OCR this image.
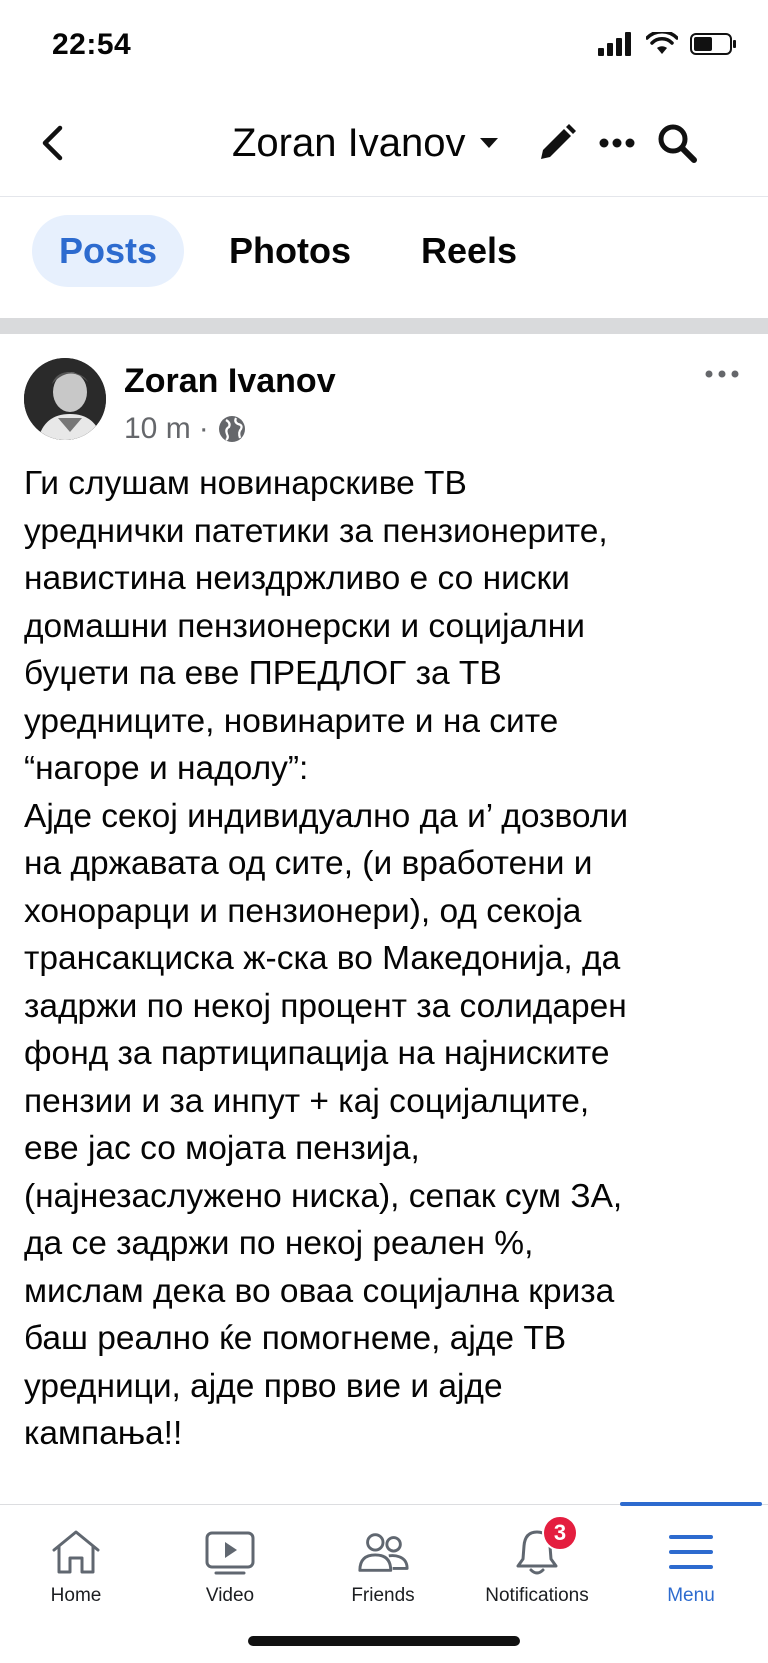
22:54
Zoran Ivanov
Posts	Photos	Reels
Zoran Ivanov
10 m ·
Ги слушам новинарскиве ТВ
уреднички патетики за пензионерите,
навистина неиздржливо е со ниски
домашни пензионерски и социјални
буџети па еве ПРЕДЛОГ за ТВ
уредниците, новинарите и на сите
“нагоре и надолу”:
Ајде секој индивидуално да и’ дозволи
на државата од сите, (и вработени и
хонорарци и пензионери), од секоја
трансакциска ж-ска во Македонија, да
задржи по некој процент за солидарен
фонд за партиципација на најниските
пензии и за инпут + кај социјалците,
еве јас со мојата пензија,
(најнезаслужено ниска), сепак сум ЗА,
да се задржи по некој реален %,
мислам дека во оваа социјална криза
баш реално ќе помогнеме, ајде ТВ
уредници, ајде прво вие и ајде
кампања!!
Home	Video	Friends
3
Notifications	Menu
